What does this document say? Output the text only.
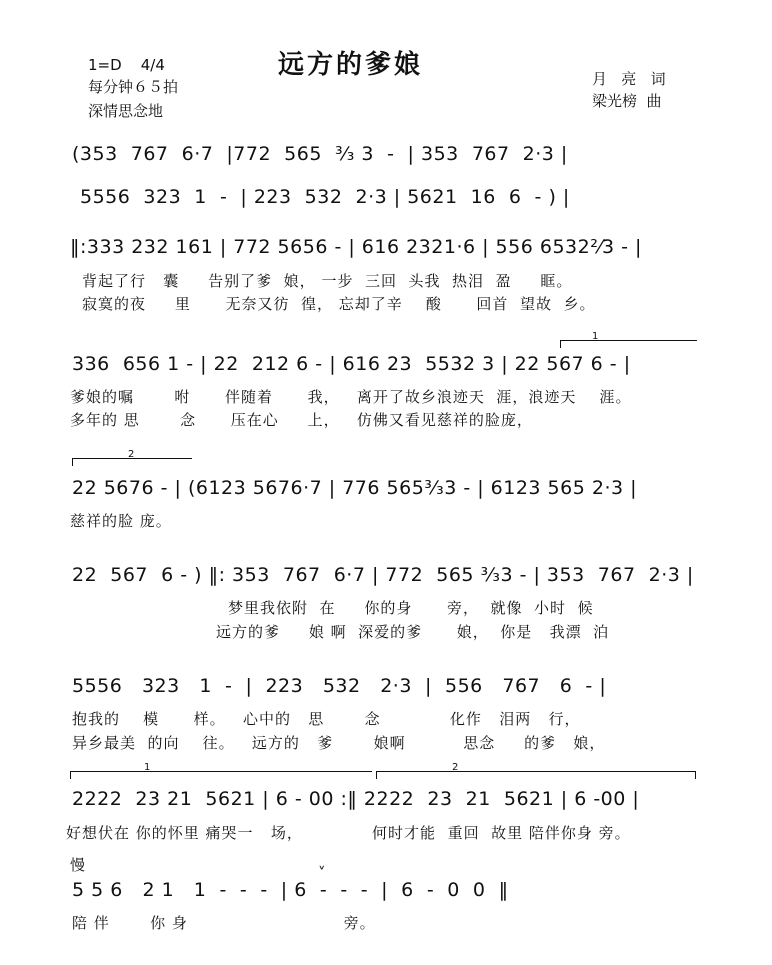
1=D    4/4
每分钟６５拍
深情思念地
远方的爹娘	月   亮   词
梁光榜  曲
(353  767  6·7  |772  565  ³⁄₃ 3  -  | 353  767  2·3 |
5556  323  1  -  | 223  532  2·3 | 5621  16  6  - ) |
‖:333 232 161 | 772 5656 - | 616 2321·6 | 556 6532²⁄3 - |
背起了行   囊     告别了爹  娘， 一步  三回  头我  热泪  盈     眶。
寂寞的夜     里      无奈又彷  徨， 忘却了辛    酸      回首  望故  乡。
1
336  656 1 - | 22  212 6 - | 616 23  5532 3 | 22 567 6 - |
爹娘的嘱       咐      伴随着      我，   离开了故乡浪迹天  涯，浪迹天    涯。
多年的 思       念      压在心     上，   仿佛又看见慈祥的脸庞，
2
22 5676 - | (6123 5676·7 | 776 565³⁄₃3 - | 6123 565 2·3 |
慈祥的脸 庞。
22  567  6 - ) ‖: 353  767  6·7 | 772  565 ³⁄₃3 - | 353  767  2·3 |
梦里我依附  在     你的身      旁，  就像  小时  候
远方的爹     娘 啊  深爱的爹      娘，  你是   我漂  泊
5556   323   1  -  |  223   532   2·3  |  556   767   6  - |
抱我的    模      样。   心中的   思       念            化作   泪两   行，
异乡最美  的向    往。   远方的   爹       娘啊          思念     的爹   娘，
1	2
2222  23 21  5621 | 6 - 00 :‖ 2222  23  21  5621 | 6 -00 |
好想伏在 你的怀里 痛哭一   场，            何时才能  重回  故里 陪伴你身 旁。
慢	˅
5 5 6   2 1   1  -  -  -  | 6  -  -  -  |  6  -  0  0  ‖
陪 伴       你 身                           旁。
